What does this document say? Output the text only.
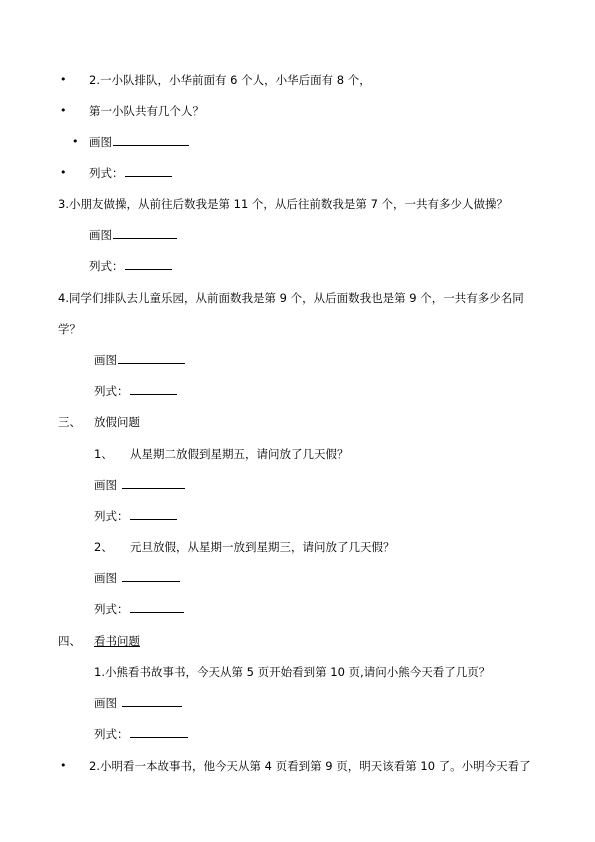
• 2.一小队排队，小华前面有 6 个人，小华后面有 8 个，
• 第一小队共有几个人？
• 画图
• 列式：
3.小朋友做操，从前往后数我是第 11 个，从后往前数我是第 7 个，一共有多少人做操？
画图
列式：
4.同学们排队去儿童乐园，从前面数我是第 9 个，从后面数我也是第 9 个，一共有多少名同
学？
画图
列式：
三、 放假问题
1、 从星期二放假到星期五，请问放了几天假？
画图
列式：
2、 元旦放假，从星期一放到星期三，请问放了几天假？
画图
列式：
四、 看书问题
1.小熊看书故事书，今天从第 5 页开始看到第 10 页,请问小熊今天看了几页？
画图
列式：
• 2.小明看一本故事书，他今天从第 4 页看到第 9 页，明天该看第 10 了。小明今天看了
